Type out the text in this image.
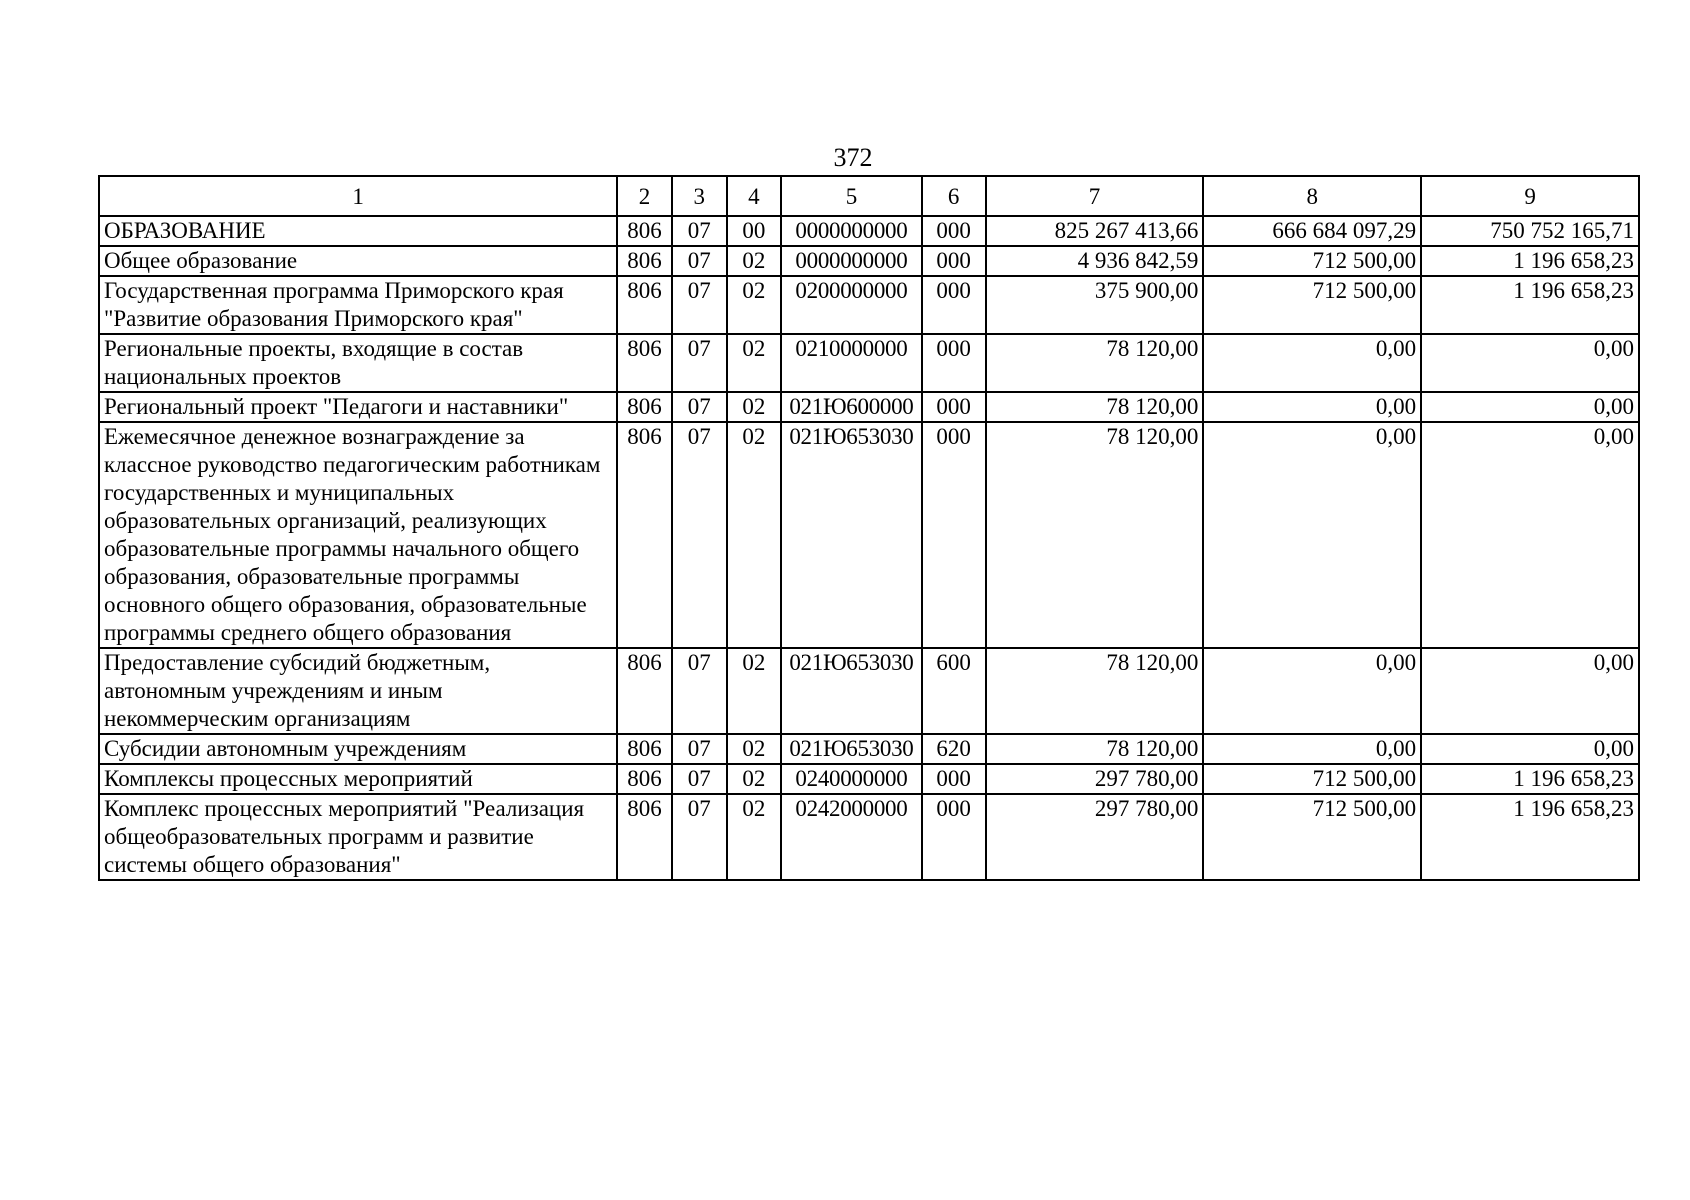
372
1	2	3	4	5	6	7	8	9
ОБРАЗОВАНИЕ	806	07	00	0000000000	000	825 267 413,66	666 684 097,29	750 752 165,71
Общее образование	806	07	02	0000000000	000	4 936 842,59	712 500,00	1 196 658,23
Государственная программа Приморского края "Развитие образования Приморского края"	806	07	02	0200000000	000	375 900,00	712 500,00	1 196 658,23
Региональные проекты, входящие в состав национальных проектов	806	07	02	0210000000	000	78 120,00	0,00	0,00
Региональный проект "Педагоги и наставники"	806	07	02	021Ю600000	000	78 120,00	0,00	0,00
Ежемесячное денежное вознаграждение за классное руководство педагогическим работникам государственных и муниципальных образовательных организаций, реализующих образовательные программы начального общего образования, образовательные программы основного общего образования, образовательные программы среднего общего образования	806	07	02	021Ю653030	000	78 120,00	0,00	0,00
Предоставление субсидий бюджетным, автономным учреждениям и иным некоммерческим организациям	806	07	02	021Ю653030	600	78 120,00	0,00	0,00
Субсидии автономным учреждениям	806	07	02	021Ю653030	620	78 120,00	0,00	0,00
Комплексы процессных мероприятий	806	07	02	0240000000	000	297 780,00	712 500,00	1 196 658,23
Комплекс процессных мероприятий "Реализация общеобразовательных программ и развитие системы общего образования"	806	07	02	0242000000	000	297 780,00	712 500,00	1 196 658,23
